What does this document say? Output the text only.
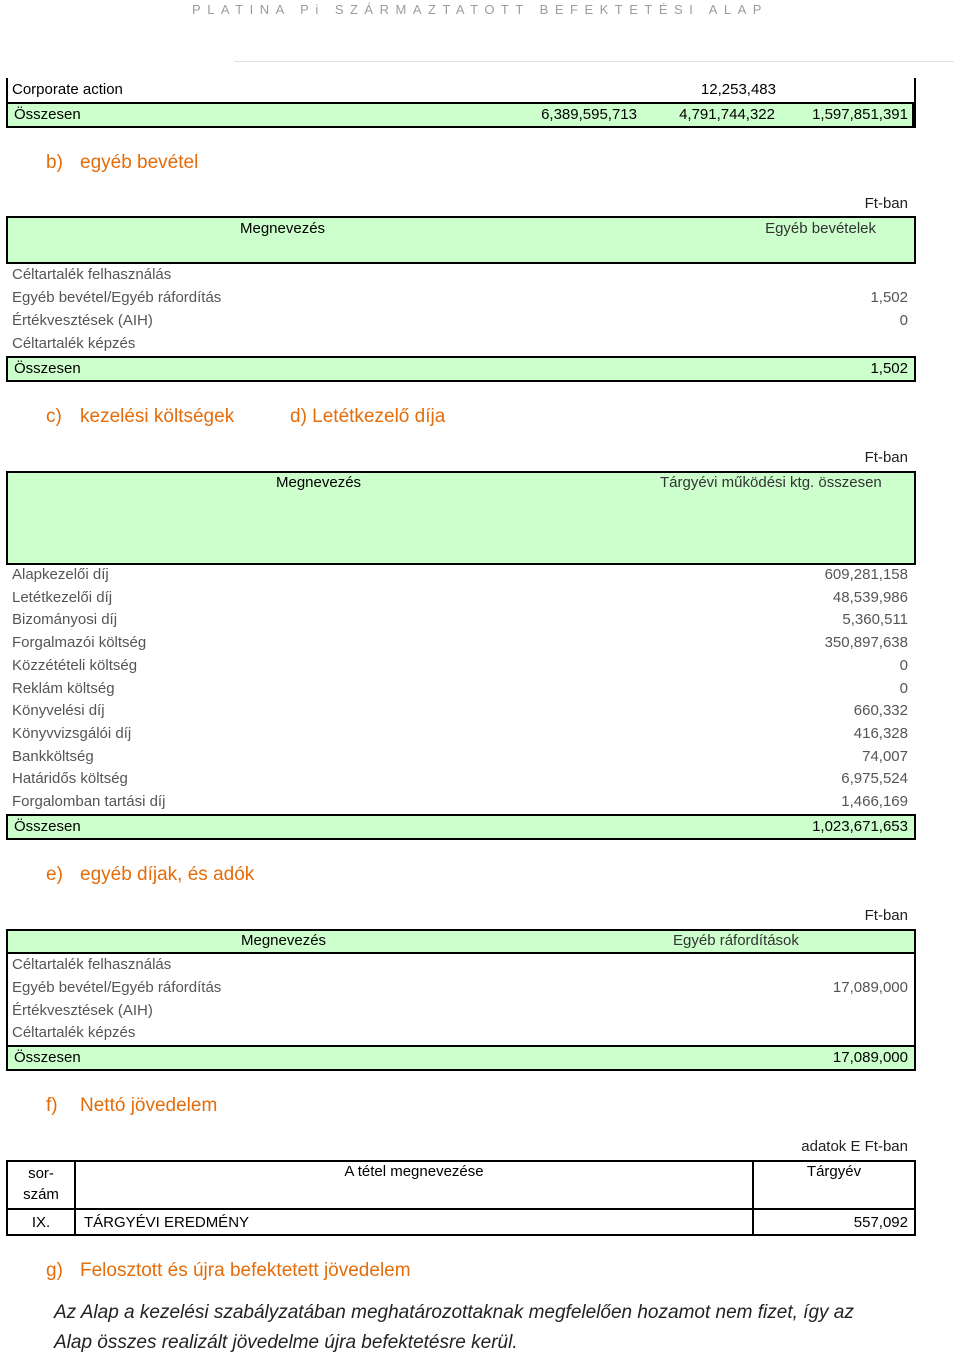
PLATINA Pi SZÁRMAZTATOTT BEFEKTETÉSI ALAP
Corporate action	12,253,483
Összesen	6,389,595,713	4,791,744,322 1,597,851,391
b) egyéb bevétel
Ft-ban
Megnevezés	Egyéb bevételek
Céltartalék felhasználás
Egyéb bevétel/Egyéb ráfordítás	1,502
Értékvesztések (AIH)	0
Céltartalék képzés
Összesen	1,502
c) kezelési költségek	d) Letétkezelő díja
Ft-ban
Megnevezés	Tárgyévi működési ktg. összesen
Alapkezelői díj	609,281,158
Letétkezelői díj	48,539,986
Bizományosi díj	5,360,511
Forgalmazói költség	350,897,638
Közzétételi költség	0
Reklám költség	0
Könyvelési díj	660,332
Könyvvizsgálói díj	416,328
Bankköltség	74,007
Határidős költség	6,975,524
Forgalomban tartási díj	1,466,169
Összesen	1,023,671,653
e) egyéb díjak, és adók
Ft-ban
Megnevezés	Egyéb ráfordítások
Céltartalék felhasználás
Egyéb bevétel/Egyéb ráfordítás	17,089,000
Értékvesztések (AIH)
Céltartalék képzés
Összesen	17,089,000
f) Nettó jövedelem
adatok E Ft-ban
sor-
szám	A tétel megnevezése	Tárgyév
IX.	TÁRGYÉVI EREDMÉNY	557,092
g) Felosztott és újra befektetett jövedelem
Az Alap a kezelési szabályzatában meghatározottaknak megfelelően hozamot nem fizet, így az
Alap összes realizált jövedelme újra befektetésre kerül.
